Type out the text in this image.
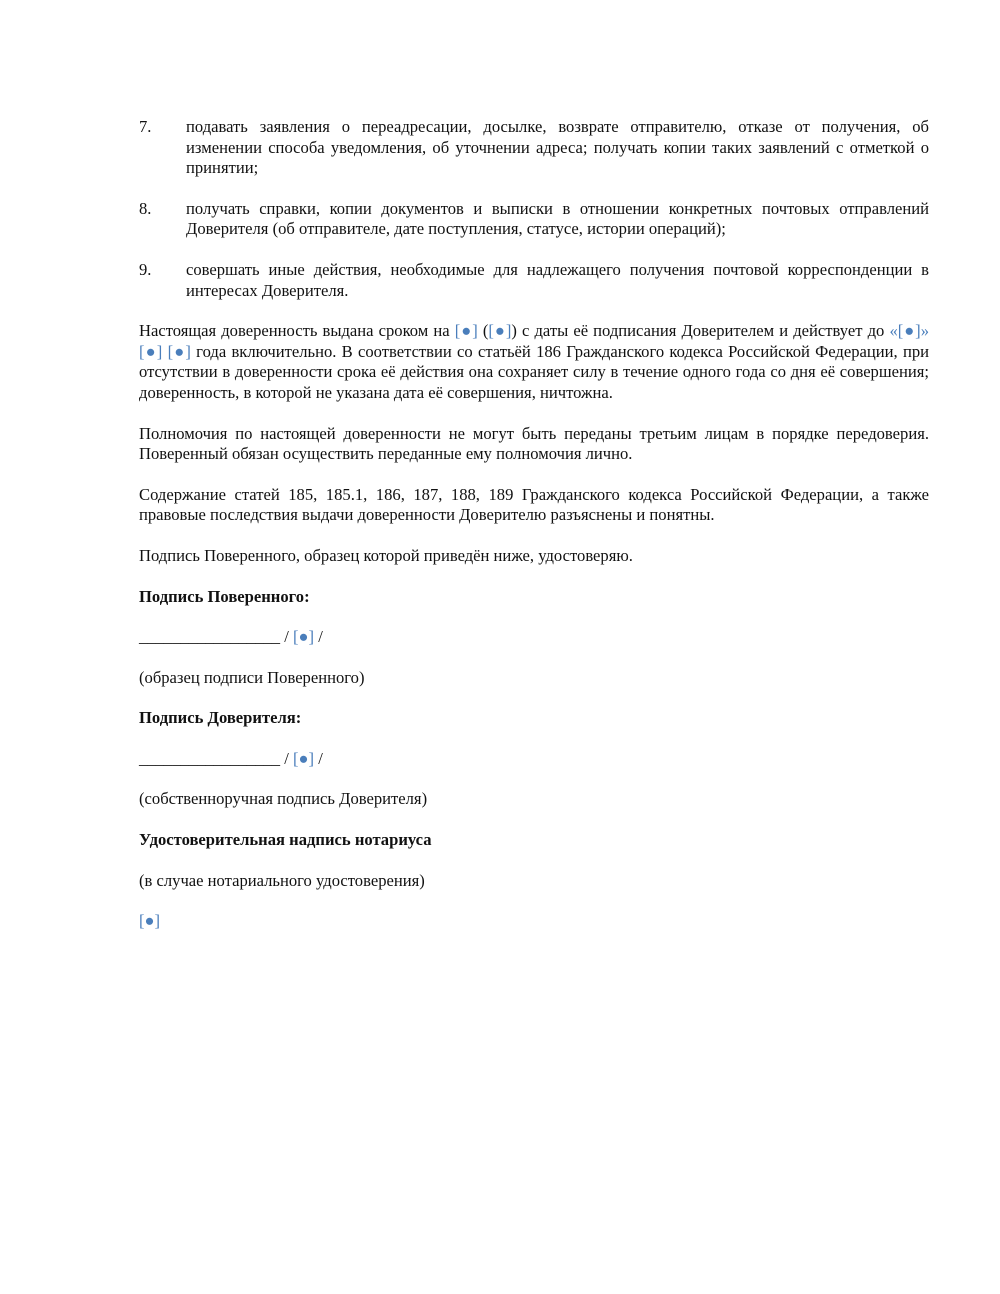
7.	подавать заявления о переадресации, досылке, возврате отправителю, отказе от получения, об изменении способа уведомления, об уточнении адреса; получать копии таких заявлений с отметкой о принятии;
8.	получать справки, копии документов и выписки в отношении конкретных почтовых отправлений Доверителя (об отправителе, дате поступления, статусе, истории операций);
9.	совершать иные действия, необходимые для надлежащего получения почтовой корреспонденции в интересах Доверителя.

Настоящая доверенность выдана сроком на [●] ([●]) с даты её подписания Доверителем и действует до «[●]» [●] [●] года включительно. В соответствии со статьёй 186 Гражданского кодекса Российской Федерации, при отсутствии в доверенности срока её действия она сохраняет силу в течение одного года со дня её совершения; доверенность, в которой не указана дата её совершения, ничтожна.

Полномочия по настоящей доверенности не могут быть переданы третьим лицам в порядке передоверия. Поверенный обязан осуществить переданные ему полномочия лично.

Содержание статей 185, 185.1, 186, 187, 188, 189 Гражданского кодекса Российской Федерации, а также правовые последствия выдачи доверенности Доверителю разъяснены и понятны.

Подпись Поверенного, образец которой приведён ниже, удостоверяю.

Подпись Поверенного:

_________________ / [●] /

(образец подписи Поверенного)

Подпись Доверителя:

_________________ / [●] /

(собственноручная подпись Доверителя)

Удостоверительная надпись нотариуса

(в случае нотариального удостоверения)

[●]
